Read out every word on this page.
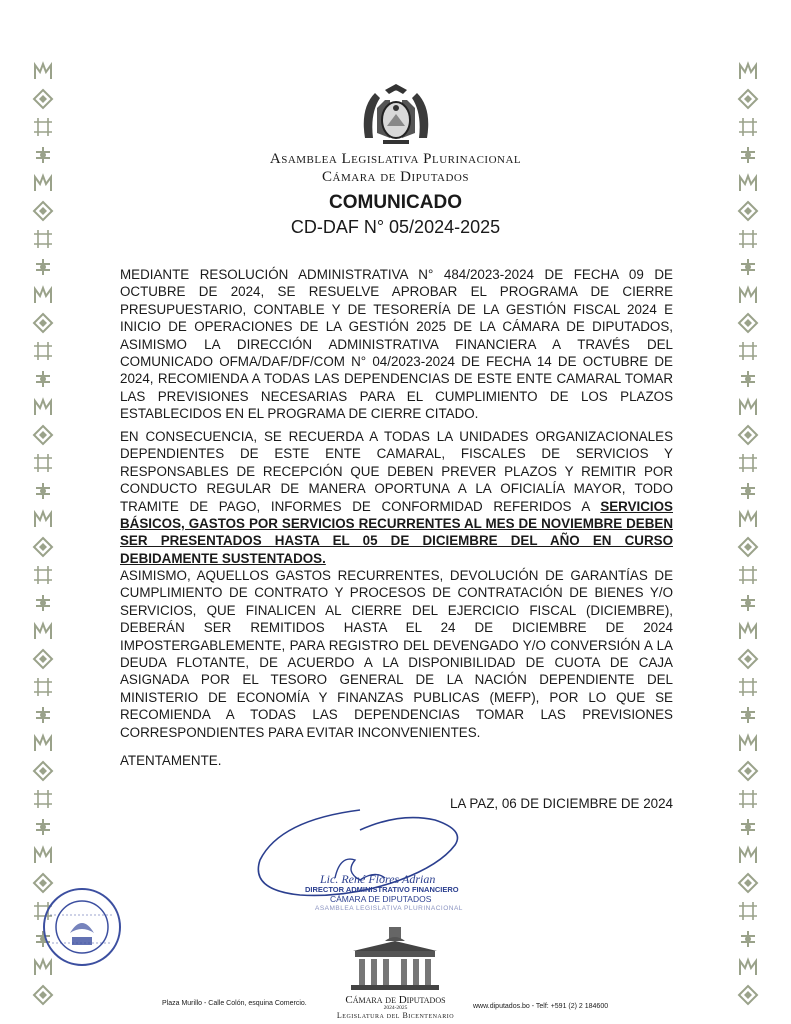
Asamblea Legislativa Plurinacional
Cámara de Diputados
COMUNICADO
CD-DAF N° 05/2024-2025
MEDIANTE RESOLUCIÓN ADMINISTRATIVA N° 484/2023-2024 DE FECHA 09 DE OCTUBRE DE 2024, SE RESUELVE APROBAR EL PROGRAMA DE CIERRE PRESUPUESTARIO, CONTABLE Y DE TESORERÍA DE LA GESTIÓN FISCAL 2024 E INICIO DE OPERACIONES DE LA GESTIÓN 2025 DE LA CÁMARA DE DIPUTADOS, ASIMISMO LA DIRECCIÓN ADMINISTRATIVA FINANCIERA A TRAVÉS DEL COMUNICADO OFMA/DAF/DF/COM N° 04/2023-2024 DE FECHA 14 DE OCTUBRE DE 2024, RECOMIENDA A TODAS LAS DEPENDENCIAS DE ESTE ENTE CAMARAL TOMAR LAS PREVISIONES NECESARIAS PARA EL CUMPLIMIENTO DE LOS PLAZOS ESTABLECIDOS EN EL PROGRAMA DE CIERRE CITADO.
EN CONSECUENCIA, SE RECUERDA A TODAS LA UNIDADES ORGANIZACIONALES DEPENDIENTES DE ESTE ENTE CAMARAL, FISCALES DE SERVICIOS Y RESPONSABLES DE RECEPCIÓN QUE DEBEN PREVER PLAZOS Y REMITIR POR CONDUCTO REGULAR DE MANERA OPORTUNA A LA OFICIALÍA MAYOR, TODO TRAMITE DE PAGO, INFORMES DE CONFORMIDAD REFERIDOS A SERVICIOS BÁSICOS, GASTOS POR SERVICIOS RECURRENTES AL MES DE NOVIEMBRE DEBEN SER PRESENTADOS HASTA EL 05 DE DICIEMBRE DEL AÑO EN CURSO DEBIDAMENTE SUSTENTADOS.
ASIMISMO, AQUELLOS GASTOS RECURRENTES, DEVOLUCIÓN DE GARANTÍAS DE CUMPLIMIENTO DE CONTRATO Y PROCESOS DE CONTRATACIÓN DE BIENES Y/O SERVICIOS, QUE FINALICEN AL CIERRE DEL EJERCICIO FISCAL (DICIEMBRE), DEBERÁN SER REMITIDOS HASTA EL 24 DE DICIEMBRE DE 2024 IMPOSTERGABLEMENTE, PARA REGISTRO DEL DEVENGADO Y/O CONVERSIÓN A LA DEUDA FLOTANTE, DE ACUERDO A LA DISPONIBILIDAD DE CUOTA DE CAJA ASIGNADA POR EL TESORO GENERAL DE LA NACIÓN DEPENDIENTE DEL MINISTERIO DE ECONOMÍA Y FINANZAS PUBLICAS (MEFP), POR LO QUE SE RECOMIENDA A TODAS LAS DEPENDENCIAS TOMAR LAS PREVISIONES CORRESPONDIENTES PARA EVITAR INCONVENIENTES.
ATENTAMENTE.
LA PAZ, 06 DE DICIEMBRE DE 2024
Lic. René Flores Adrian
DIRECTOR ADMINISTRATIVO FINANCIERO
CÁMARA DE DIPUTADOS
ASAMBLEA LEGISLATIVA PLURINACIONAL
Plaza Murillo - Calle Colón, esquina Comercio.	Cámara de Diputados
2024-2025
Legislatura del Bicentenario
www.diputados.bo - Telf: +591 (2) 2 184600
